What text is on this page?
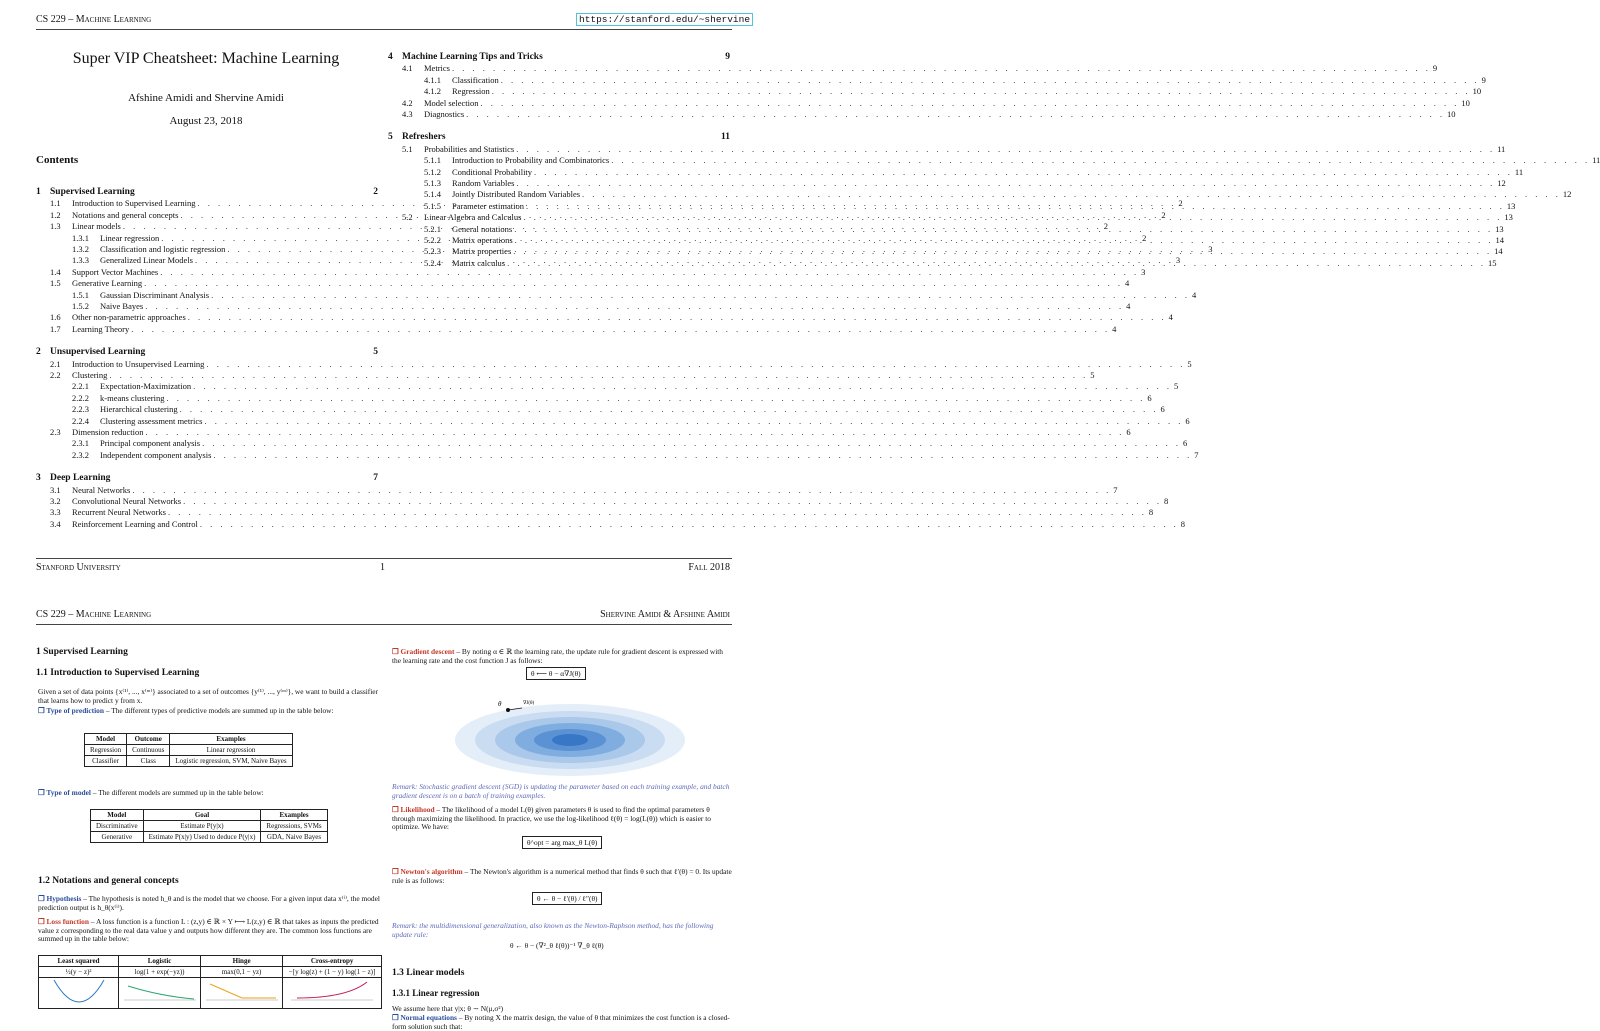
CS 229 – Machine Learning	https://stanford.edu/~shervine
Super VIP Cheatsheet: Machine Learning
Afshine Amidi and Shervine Amidi
August 23, 2018
Contents
1 Supervised Learning	2
1.1	Introduction to Supervised Learning . . .	2
1.2	Notations and general concepts . . .	2
1.3	Linear models . . .	2
1.3.1	Linear regression . . .	2
1.3.2	Classification and logistic regression . . .	3
1.3.3	Generalized Linear Models . . .	3
1.4	Support Vector Machines . . .	3
1.5	Generative Learning . . .	4
1.5.1	Gaussian Discriminant Analysis . . .	4
1.5.2	Naive Bayes . . .	4
1.6	Other non-parametric approaches . . .	4
1.7	Learning Theory . . .	4
2 Unsupervised Learning	5
2.1	Introduction to Unsupervised Learning . . .	5
2.2	Clustering . . .	5
2.2.1	Expectation-Maximization . . .	5
2.2.2	k-means clustering . . .	6
2.2.3	Hierarchical clustering . . .	6
2.2.4	Clustering assessment metrics . . .	6
2.3	Dimension reduction . . .	6
2.3.1	Principal component analysis . . .	6
2.3.2	Independent component analysis . . .	7
3 Deep Learning	7
3.1	Neural Networks . . .	7
3.2	Convolutional Neural Networks . . .	8
3.3	Recurrent Neural Networks . . .	8
3.4	Reinforcement Learning and Control . . .	8
4 Machine Learning Tips and Tricks	9
4.1	Metrics . . .	9
4.1.1	Classification . . .	9
4.1.2	Regression . . .	10
4.2	Model selection . . .	10
4.3	Diagnostics . . .	10
5 Refreshers	11
5.1	Probabilities and Statistics . . .	11
5.1.1	Introduction to Probability and Combinatorics . . .	11
5.1.2	Conditional Probability . . .	11
5.1.3	Random Variables . . .	12
5.1.4	Jointly Distributed Random Variables . . .	12
5.1.5	Parameter estimation . . .	13
5.2	Linear Algebra and Calculus . . .	13
5.2.1	General notations . . .	13
5.2.2	Matrix operations . . .	14
5.2.3	Matrix properties . . .	14
5.2.4	Matrix calculus . . .	15
Stanford University	1	Fall 2018
CS 229 – Machine Learning	Shervine Amidi & Afshine Amidi
1 Supervised Learning
1.1 Introduction to Supervised Learning
Given a set of data points {x⁽¹⁾, ..., x⁽ᵐ⁾} associated to a set of outcomes {y⁽¹⁾, ..., y⁽ᵐ⁾}, we want to build a classifier that learns how to predict y from x.
❒ Type of prediction – The different types of predictive models are summed up in the table below:
Model	Outcome	Examples
Regression	Continuous	Linear regression
Classifier	Class	Logistic regression, SVM, Naive Bayes
❒ Type of model – The different models are summed up in the table below:
Model	Goal	Examples
Discriminative	Estimate P(y|x)	Regressions, SVMs
Generative	Estimate P(x|y) Used to deduce P(y|x)	GDA, Naive Bayes
1.2 Notations and general concepts
❒ Hypothesis – The hypothesis is noted h_θ and is the model that we choose. For a given input data x⁽ⁱ⁾, the model prediction output is h_θ(x⁽ⁱ⁾).
❒ Loss function – A loss function is a function L : (z,y) ∈ ℝ × Y ⟼ L(z,y) ∈ ℝ that takes as inputs the predicted value z corresponding to the real data value y and outputs how different they are. The common loss functions are summed up in the table below:
Least squared	Logistic	Hinge	Cross-entropy
½(y − z)²	log(1 + exp(−yz))	max(0,1 − yz)	−[y log(z) + (1 − y) log(1 − z)]

❒ Gradient descent – By noting α ∈ ℝ the learning rate, the update rule for gradient descent is expressed with the learning rate and the cost function J as follows:
θ ⟵ θ − α∇J(θ)
θ	∇J(θ)
Remark: Stochastic gradient descent (SGD) is updating the parameter based on each training example, and batch gradient descent is on a batch of training examples.
❒ Likelihood – The likelihood of a model L(θ) given parameters θ is used to find the optimal parameters θ through maximizing the likelihood. In practice, we use the log-likelihood ℓ(θ) = log(L(θ)) which is easier to optimize. We have:
θ^opt = arg max_θ L(θ)
❒ Newton's algorithm – The Newton's algorithm is a numerical method that finds θ such that ℓ′(θ) = 0. Its update rule is as follows:
θ ← θ − ℓ′(θ) / ℓ″(θ)
Remark: the multidimensional generalization, also known as the Newton-Raphson method, has the following update rule:
θ ← θ − (∇²_θ ℓ(θ))⁻¹ ∇_θ ℓ(θ)
1.3 Linear models
1.3.1 Linear regression
We assume here that y|x; θ ∼ N(μ,σ²)
❒ Normal equations – By noting X the matrix design, the value of θ that minimizes the cost function is a closed-form solution such that:
